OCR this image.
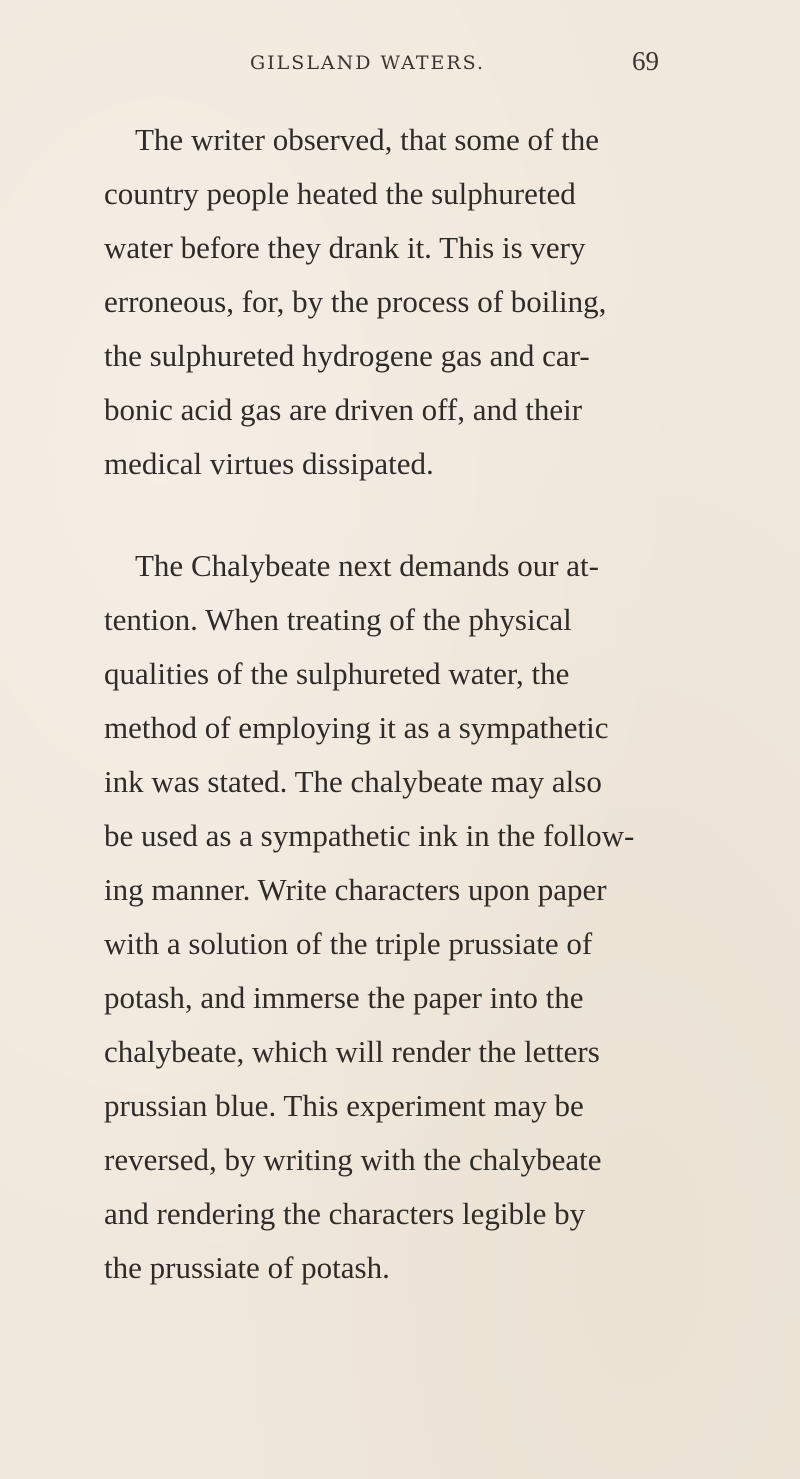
GILSLAND WATERS.	69
The writer observed, that some of the
country people heated the sulphureted
water before they drank it. This is very
erroneous, for, by the process of boiling,
the sulphureted hydrogene gas and car-
bonic acid gas are driven off, and their
medical virtues dissipated.
The Chalybeate next demands our at-
tention. When treating of the physical
qualities of the sulphureted water, the
method of employing it as a sympathetic
ink was stated. The chalybeate may also
be used as a sympathetic ink in the follow-
ing manner. Write characters upon paper
with a solution of the triple prussiate of
potash, and immerse the paper into the
chalybeate, which will render the letters
prussian blue. This experiment may be
reversed, by writing with the chalybeate
and rendering the characters legible by
the prussiate of potash.
